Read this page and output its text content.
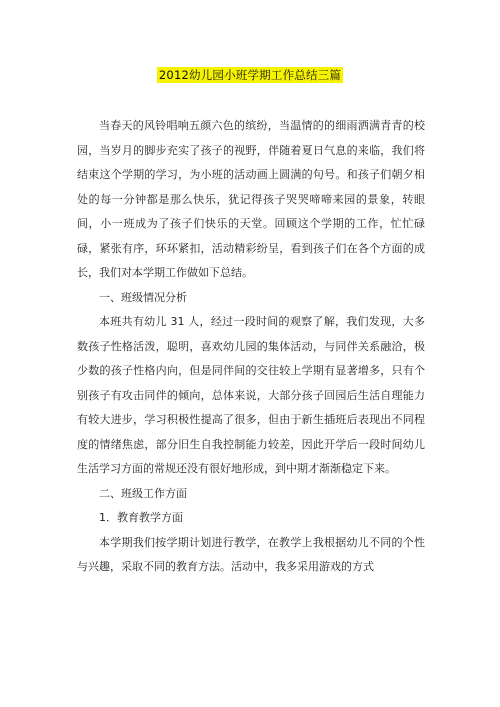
2012幼儿园小班学期工作总结三篇

当春天的风铃唱响五颜六色的缤纷，当温情的的细雨洒满青青的校园，当岁月的脚步充实了孩子的视野，伴随着夏日气息的来临，我们将结束这个学期的学习，为小班的活动画上圆满的句号。和孩子们朝夕相处的每一分钟都是那么快乐，犹记得孩子哭哭啼啼来园的景象，转眼间，小一班成为了孩子们快乐的天堂。回顾这个学期的工作，忙忙碌碌，紧张有序，环环紧扣，活动精彩纷呈，看到孩子们在各个方面的成长，我们对本学期工作做如下总结。

一、班级情况分析

本班共有幼儿 31 人，经过一段时间的观察了解，我们发现，大多数孩子性格活泼，聪明，喜欢幼儿园的集体活动，与同伴关系融洽，极少数的孩子性格内向，但是同伴间的交往较上学期有显著增多，只有个别孩子有攻击同伴的倾向，总体来说，大部分孩子回园后生活自理能力有较大进步，学习积极性提高了很多，但由于新生插班后表现出不同程度的情绪焦虑，部分旧生自我控制能力较差，因此开学后一段时间幼儿生活学习方面的常规还没有很好地形成，到中期才渐渐稳定下来。

二、班级工作方面

1．教育教学方面

本学期我们按学期计划进行教学，在教学上我根据幼儿不同的个性与兴趣，采取不同的教育方法。活动中，我多采用游戏的方式
